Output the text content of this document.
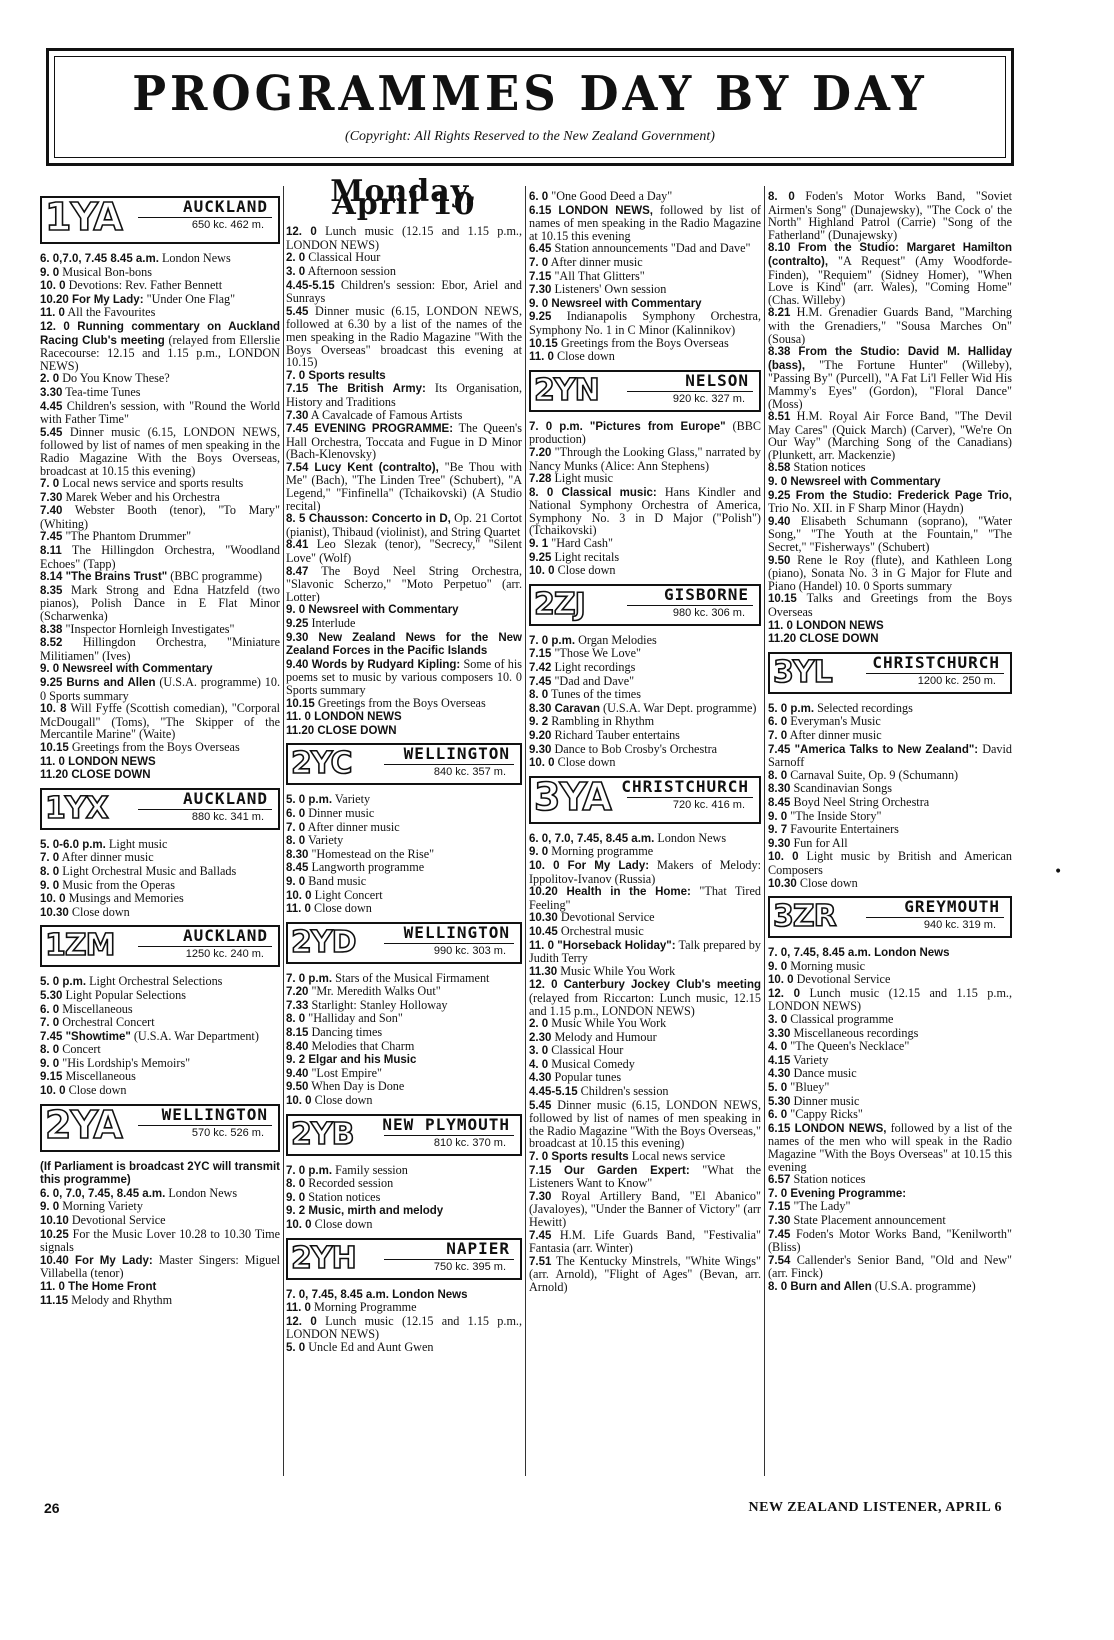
PROGRAMMES DAY BY DAY
(Copyright: All Rights Reserved to the New Zealand Government)
1YA	AUCKLAND
650 kc. 462 m.

6. 0,7.0, 7.45 8.45 a.m. London News

9. 0 Musical Bon-bons

10. 0 Devotions: Rev. Father Bennett

10.20 For My Lady: "Under One Flag"

11. 0 All the Favourites

12. 0 Running commentary on Auckland Racing Club's meeting (relayed from Ellerslie Racecourse: 12.15 and 1.15 p.m., LONDON NEWS)

2. 0 Do You Know These?

3.30 Tea-time Tunes

4.45 Children's session, with "Round the World with Father Time"

5.45 Dinner music (6.15, LONDON NEWS, followed by list of names of men speaking in the Radio Magazine With the Boys Overseas, broadcast at 10.15 this evening)

7. 0 Local news service and sports results

7.30 Marek Weber and his Orchestra

7.40 Webster Booth (tenor), "To Mary" (Whiting)

7.45 "The Phantom Drummer"

8.11 The Hillingdon Orchestra, "Woodland Echoes" (Tapp)

8.14 "The Brains Trust" (BBC programme)

8.35 Mark Strong and Edna Hatzfeld (two pianos), Polish Dance in E Flat Minor (Scharwenka)

8.38 "Inspector Hornleigh Investigates"

8.52 Hillingdon Orchestra, "Miniature Militiamen" (Ives)

9. 0 Newsreel with Commentary

9.25 Burns and Allen (U.S.A. programme) 10. 0 Sports summary

10. 8 Will Fyffe (Scottish comedian), "Corporal McDougall" (Toms), "The Skipper of the Mercantile Marine" (Waite)

10.15 Greetings from the Boys Overseas

11. 0 LONDON NEWS

11.20 CLOSE DOWN

1YX	AUCKLAND
880 kc. 341 m.

5. 0-6.0 p.m. Light music

7. 0 After dinner music

8. 0 Light Orchestral Music and Ballads

9. 0 Music from the Operas

10. 0 Musings and Memories

10.30 Close down

1ZM	AUCKLAND
1250 kc. 240 m.

5. 0 p.m. Light Orchestral Selections

5.30 Light Popular Selections

6. 0 Miscellaneous

7. 0 Orchestral Concert

7.45 "Showtime" (U.S.A. War Department)

8. 0 Concert

9. 0 "His Lordship's Memoirs"

9.15 Miscellaneous

10. 0 Close down

2YA WELLINGTON
570 kc. 526 m.

(If Parliament is broadcast 2YC will transmit this programme)

6. 0, 7.0, 7.45, 8.45 a.m. London News

9. 0 Morning Variety

10.10 Devotional Service

10.25 For the Music Lover 10.28 to 10.30 Time signals

10.40 For My Lady: Master Singers: Miguel Villabella (tenor)

11. 0 The Home Front

11.15 Melody and Rhythm

Monday, April 10

12. 0 Lunch music (12.15 and 1.15 p.m., LONDON NEWS)

2. 0 Classical Hour

3. 0 Afternoon session

4.45-5.15 Children's session: Ebor, Ariel and Sunrays

5.45 Dinner music (6.15, LONDON NEWS, followed at 6.30 by a list of the names of the men speaking in the Radio Magazine "With the Boys Overseas" broadcast this evening at 10.15)

7. 0 Sports results

7.15 The British Army: Its Organisation, History and Traditions

7.30 A Cavalcade of Famous Artists

7.45 EVENING PROGRAMME: The Queen's Hall Orchestra, Toccata and Fugue in D Minor (Bach-Klenovsky)

7.54 Lucy Kent (contralto), "Be Thou with Me" (Bach), "The Linden Tree" (Schubert), "A Legend," "Finfinella" (Tchaikovski) (A Studio recital)

8. 5 Chausson: Concerto in D, Op. 21 Cortot (pianist), Thibaud (violinist), and String Quartet

8.41 Leo Slezak (tenor), "Secrecy," "Silent Love" (Wolf)

8.47 The Boyd Neel String Orchestra, "Slavonic Scherzo," "Moto Perpetuo" (arr. Lotter)

9. 0 Newsreel with Commentary

9.25 Interlude

9.30 New Zealand News for the New Zealand Forces in the Pacific Islands

9.40 Words by Rudyard Kipling: Some of his poems set to music by various composers 10. 0 Sports summary

10.15 Greetings from the Boys Overseas

11. 0 LONDON NEWS

11.20 CLOSE DOWN

2YC	WELLINGTON
840 kc. 357 m.

5. 0 p.m. Variety

6. 0 Dinner music

7. 0 After dinner music

8. 0 Variety

8.30 "Homestead on the Rise"

8.45 Langworth programme

9. 0 Band music

10. 0 Light Concert

11. 0 Close down

2YD	WELLINGTON
990 kc. 303 m.

7. 0 p.m. Stars of the Musical Firmament

7.20 "Mr. Meredith Walks Out"

7.33 Starlight: Stanley Holloway

8. 0 "Halliday and Son"

8.15 Dancing times

8.40 Melodies that Charm

9. 2 Elgar and his Music

9.40 "Lost Empire"

9.50 When Day is Done

10. 0 Close down

2YB NEW PLYMOUTH
810 kc. 370 m.

7. 0 p.m. Family session

8. 0 Recorded session

9. 0 Station notices

9. 2 Music, mirth and melody

10. 0 Close down

2YH	NAPIER
750 kc. 395 m.

7. 0, 7.45, 8.45 a.m. London News

11. 0 Morning Programme

12. 0 Lunch music (12.15 and 1.15 p.m., LONDON NEWS)

5. 0 Uncle Ed and Aunt Gwen

6. 0 "One Good Deed a Day"

6.15 LONDON NEWS, followed by list of names of men speaking in the Radio Magazine at 10.15 this evening

6.45 Station announcements "Dad and Dave"

7. 0 After dinner music

7.15 "All That Glitters"

7.30 Listeners' Own session

9. 0 Newsreel with Commentary

9.25 Indianapolis Symphony Orchestra, Symphony No. 1 in C Minor (Kalinnikov)

10.15 Greetings from the Boys Overseas

11. 0 Close down

2YN	NELSON
920 kc. 327 m.

7. 0 p.m. "Pictures from Europe" (BBC production)

7.20 "Through the Looking Glass," narrated by Nancy Munks (Alice: Ann Stephens)

7.28 Light music

8. 0 Classical music: Hans Kindler and National Symphony Orchestra of America, Symphony No. 3 in D Major ("Polish") (Tchaikovski)

9. 1 "Hard Cash"

9.25 Light recitals

10. 0 Close down

2ZJ	GISBORNE
980 kc. 306 m.

7. 0 p.m. Organ Melodies

7.15 "Those We Love"

7.42 Light recordings

7.45 "Dad and Dave"

8. 0 Tunes of the times

8.30 Caravan (U.S.A. War Dept. programme)

9. 2 Rambling in Rhythm

9.20 Richard Tauber entertains

9.30 Dance to Bob Crosby's Orchestra

10. 0 Close down

3YA CHRISTCHURCH
720 kc. 416 m.

6. 0, 7.0, 7.45, 8.45 a.m. London News

9. 0 Morning programme

10. 0 For My Lady: Makers of Melody: Ippolitov-Ivanov (Russia)

10.20 Health in the Home: "That Tired Feeling"

10.30 Devotional Service

10.45 Orchestral music

11. 0 "Horseback Holiday": Talk prepared by Judith Terry

11.30 Music While You Work

12. 0 Canterbury Jockey Club's meeting (relayed from Riccarton: Lunch music, 12.15 and 1.15 p.m., LONDON NEWS)

2. 0 Music While You Work

2.30 Melody and Humour

3. 0 Classical Hour

4. 0 Musical Comedy

4.30 Popular tunes

4.45-5.15 Children's session

5.45 Dinner music (6.15, LONDON NEWS, followed by list of names of men speaking in the Radio Magazine "With the Boys Overseas," broadcast at 10.15 this evening)

7. 0 Sports results Local news service

7.15 Our Garden Expert: "What the Listeners Want to Know"

7.30 Royal Artillery Band, "El Abanico" (Javaloyes), "Under the Banner of Victory" (arr Hewitt)

7.45 H.M. Life Guards Band, "Festivalia" Fantasia (arr. Winter)

7.51 The Kentucky Minstrels, "White Wings" (arr. Arnold), "Flight of Ages" (Bevan, arr. Arnold)

8. 0 Foden's Motor Works Band, "Soviet Airmen's Song" (Dunajewsky), "The Cock o' the North" Highland Patrol (Carrie) "Song of the Fatherland" (Dunajewsky)

8.10 From the Studio: Margaret Hamilton (contralto), "A Request" (Amy Woodforde-Finden), "Requiem" (Sidney Homer), "When Love is Kind" (arr. Wales), "Coming Home" (Chas. Willeby)

8.21 H.M. Grenadier Guards Band, "Marching with the Grenadiers," "Sousa Marches On" (Sousa)

8.38 From the Studio: David M. Halliday (bass), "The Fortune Hunter" (Willeby), "Passing By" (Purcell), "A Fat Li'l Feller Wid His Mammy's Eyes" (Gordon), "Floral Dance" (Moss)

8.51 H.M. Royal Air Force Band, "The Devil May Cares" (Quick March) (Carver), "We're On Our Way" (Marching Song of the Canadians) (Plunkett, arr. Mackenzie)

8.58 Station notices

9. 0 Newsreel with Commentary

9.25 From the Studio: Frederick Page Trio, Trio No. XII. in F Sharp Minor (Haydn)

9.40 Elisabeth Schumann (soprano), "Water Song," "The Youth at the Fountain," "The Secret," "Fisherways" (Schubert)

9.50 Rene le Roy (flute), and Kathleen Long (piano), Sonata No. 3 in G Major for Flute and Piano (Handel) 10. 0 Sports summary

10.15 Talks and Greetings from the Boys Overseas

11. 0 LONDON NEWS

11.20 CLOSE DOWN

3YL	CHRISTCHURCH
1200 kc. 250 m.

5. 0 p.m. Selected recordings

6. 0 Everyman's Music

7. 0 After dinner music

7.45 "America Talks to New Zealand": David Sarnoff

8. 0 Carnaval Suite, Op. 9 (Schumann)

8.30 Scandinavian Songs

8.45 Boyd Neel String Orchestra

9. 0 "The Inside Story"

9. 7 Favourite Entertainers

9.30 Fun for All

10. 0 Light music by British and American Composers

10.30 Close down

3ZR	GREYMOUTH
940 kc. 319 m.

7. 0, 7.45, 8.45 a.m. London News

9. 0 Morning music

10. 0 Devotional Service

12. 0 Lunch music (12.15 and 1.15 p.m., LONDON NEWS)

3. 0 Classical programme

3.30 Miscellaneous recordings

4. 0 "The Queen's Necklace"

4.15 Variety

4.30 Dance music

5. 0 "Bluey"

5.30 Dinner music

6. 0 "Cappy Ricks"

6.15 LONDON NEWS, followed by a list of the names of the men who will speak in the Radio Magazine "With the Boys Overseas" at 10.15 this evening

6.57 Station notices

7. 0 Evening Programme:

7.15 "The Lady"

7.30 State Placement announcement

7.45 Foden's Motor Works Band, "Kenilworth" (Bliss)

7.54 Callender's Senior Band, "Old and New" (arr. Finck)

8. 0 Burn and Allen (U.S.A. programme)

•
26	NEW ZEALAND LISTENER, APRIL 6
